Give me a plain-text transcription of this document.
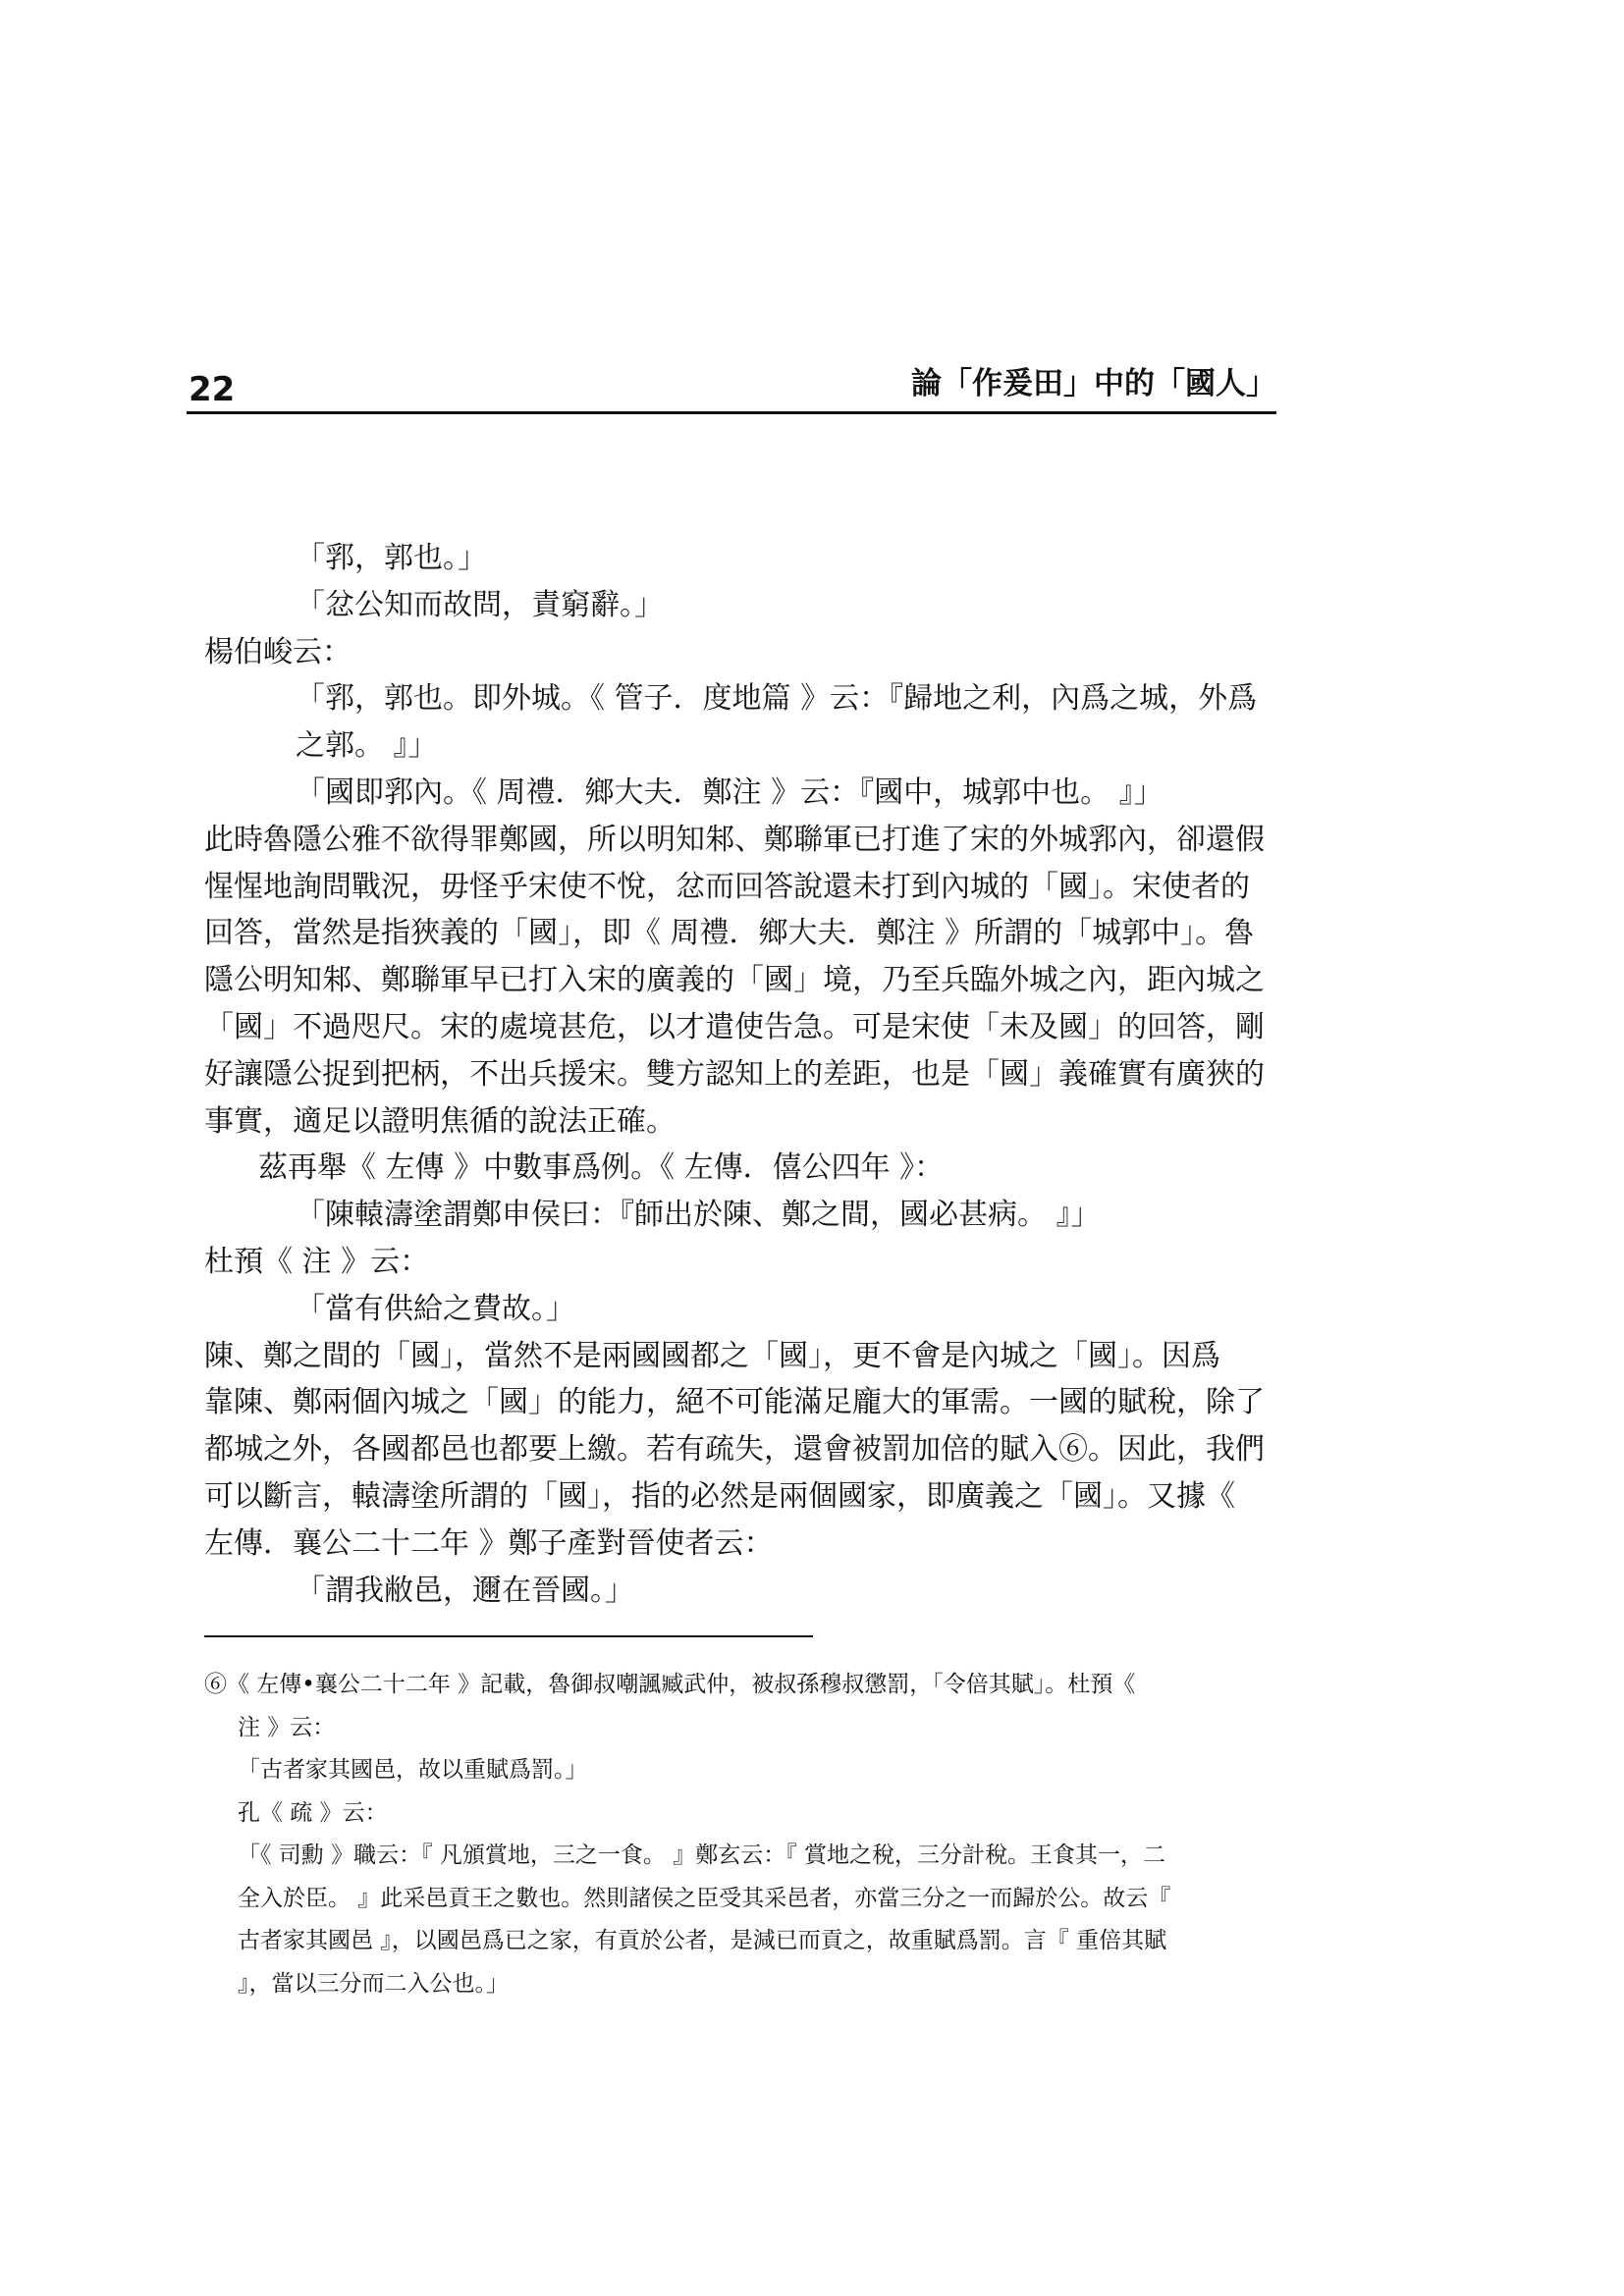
22	論「作爰田」中的「國人」

「郛，郭也。」

「忿公知而故問，責窮辭。」

楊伯峻云：

「郛，郭也。即外城。《 管子．度地篇 》云：『歸地之利，內爲之城，外爲

之郭。 』」

「國即郛內。《 周禮．鄉大夫．鄭注 》云：『國中，城郭中也。 』」

此時魯隱公雅不欲得罪鄭國，所以明知邾、鄭聯軍已打進了宋的外城郛內，卻還假

惺惺地詢問戰況，毋怪乎宋使不悅，忿而回答說還未打到內城的「國」。宋使者的

回答，當然是指狹義的「國」，即《 周禮．鄉大夫．鄭注 》所謂的「城郭中」。魯

隱公明知邾、鄭聯軍早已打入宋的廣義的「國」境，乃至兵臨外城之內，距內城之

「國」不過咫尺。宋的處境甚危，以才遣使告急。可是宋使「未及國」的回答，剛

好讓隱公捉到把柄，不出兵援宋。雙方認知上的差距，也是「國」義確實有廣狹的

事實，適足以證明焦循的說法正確。

茲再舉《 左傳 》中數事爲例。《 左傳．僖公四年 》：

「陳轅濤塗謂鄭申侯曰：『師出於陳、鄭之間，國必甚病。 』」

杜預《 注 》云：

「當有供給之費故。」

陳、鄭之間的「國」，當然不是兩國國都之「國」，更不會是內城之「國」。因爲

靠陳、鄭兩個內城之「國」的能力，絕不可能滿足龐大的軍需。一國的賦稅，除了

都城之外，各國都邑也都要上繳。若有疏失，還會被罰加倍的賦入⑥。因此，我們

可以斷言，轅濤塗所謂的「國」，指的必然是兩個國家，即廣義之「國」。又據《

左傳．襄公二十二年 》鄭子產對晉使者云：

「謂我敝邑，邇在晉國。」

⑥《 左傳•襄公二十二年 》記載，魯御叔嘲諷臧武仲，被叔孫穆叔懲罰，「令倍其賦」。杜預《

注 》云：

「古者家其國邑，故以重賦爲罰。」

孔《 疏 》云：

「《 司勳 》職云：『 凡頒賞地，三之一食。 』鄭玄云：『 賞地之稅，三分計稅。王食其一，二

全入於臣。 』此采邑貢王之數也。然則諸侯之臣受其采邑者，亦當三分之一而歸於公。故云『

古者家其國邑 』，以國邑爲已之家，有貢於公者，是減已而貢之，故重賦爲罰。言『 重倍其賦

』，當以三分而二入公也。」
